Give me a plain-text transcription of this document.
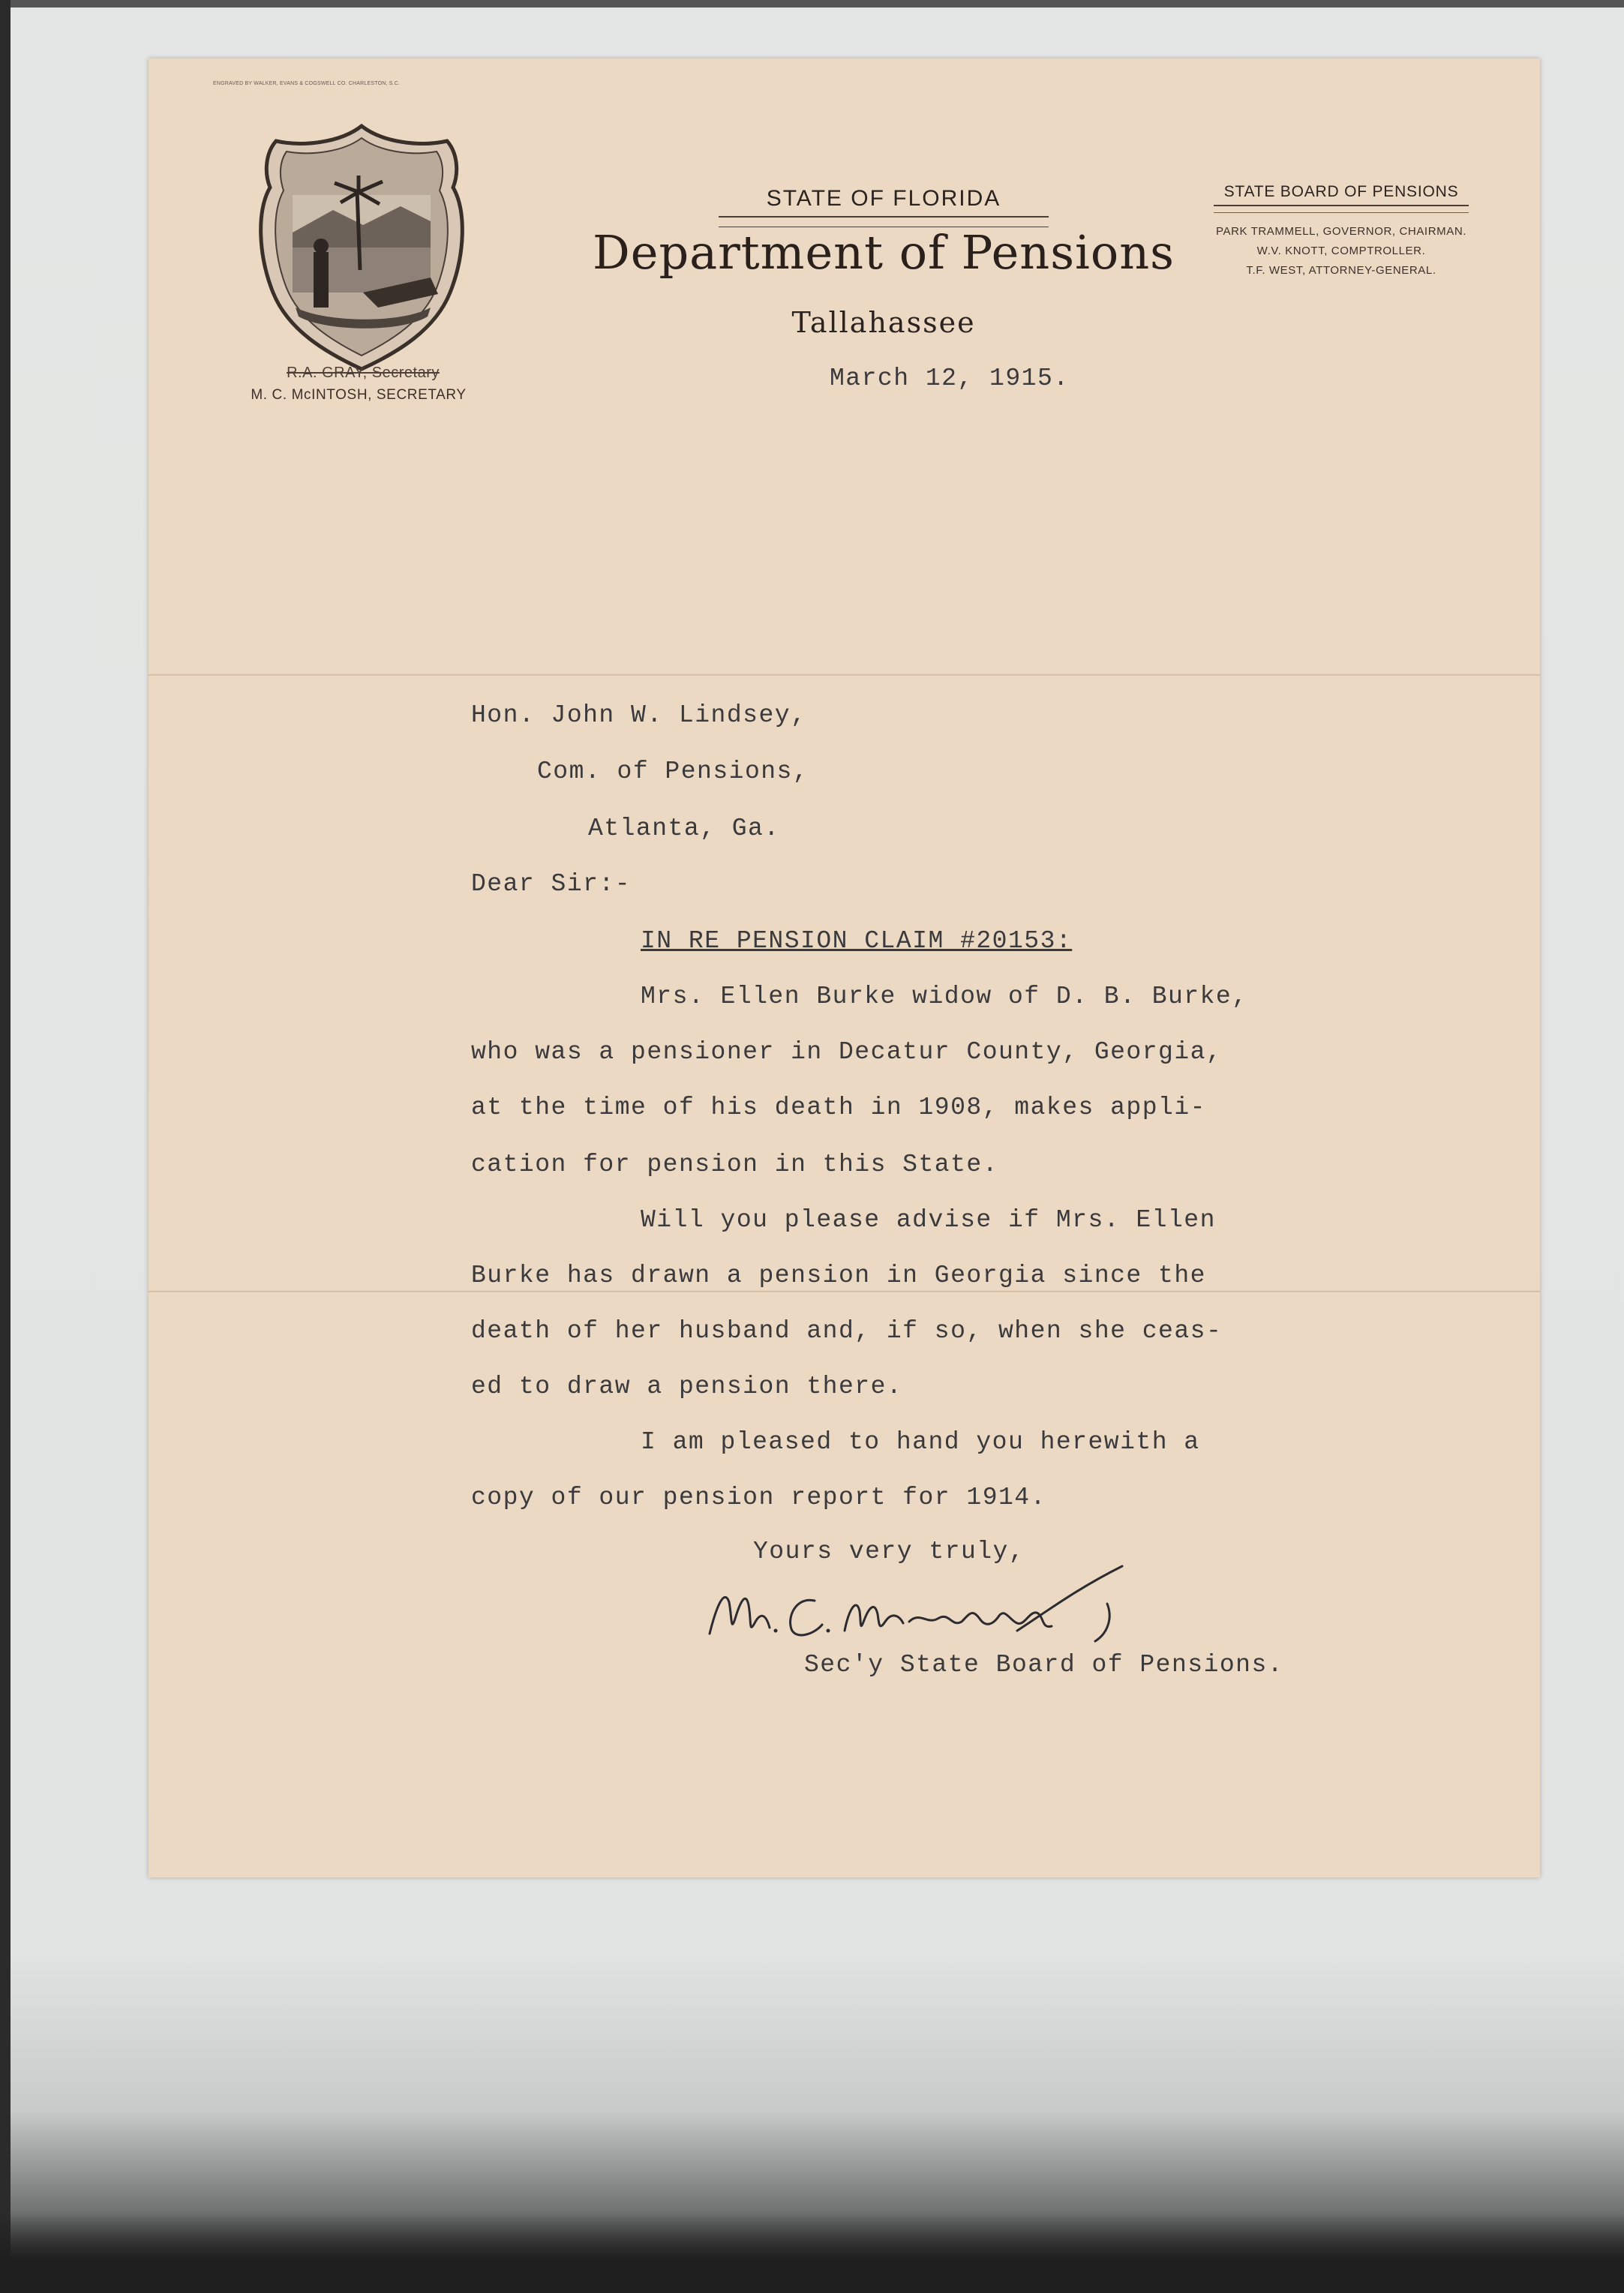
ENGRAVED BY WALKER, EVANS & COGSWELL CO. CHARLESTON, S.C.
R.A. GRAY, Secretary
M. C. McINTOSH, SECRETARY
STATE OF FLORIDA
Department of Pensions
Tallahassee
STATE BOARD OF PENSIONS
PARK TRAMMELL, GOVERNOR, CHAIRMAN.
W.V. KNOTT, COMPTROLLER.
T.F. WEST, ATTORNEY-GENERAL.
March 12, 1915.
Hon. John W. Lindsey,
Com. of Pensions,
Atlanta, Ga.
Dear Sir:-
IN RE PENSION CLAIM #20153:
Mrs. Ellen Burke widow of D. B. Burke,
who was a pensioner in Decatur County, Georgia,
at the time of his death in 1908, makes appli-
cation for pension in this State.
Will you please advise if Mrs. Ellen
Burke has drawn a pension in Georgia since the
death of her husband and, if so, when she ceas-
ed to draw a pension there.
I am pleased to hand you herewith a
copy of our pension report for 1914.
Yours very truly,
Sec'y State Board of Pensions.
